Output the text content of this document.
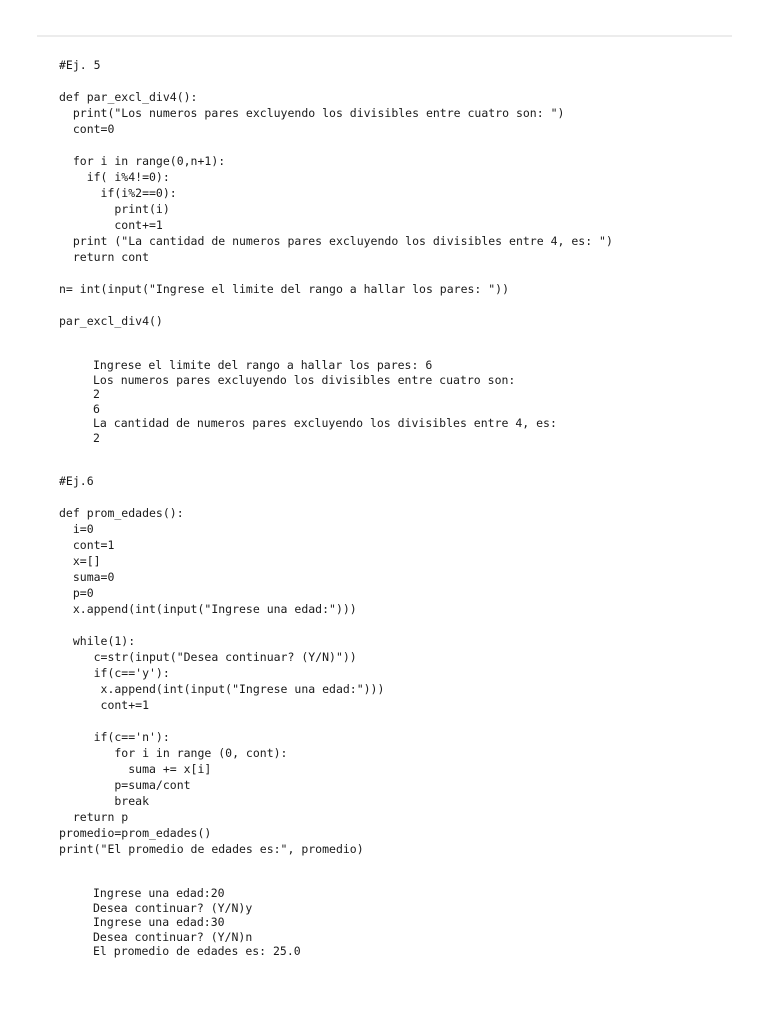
#Ej. 5

def par_excl_div4():
print("Los numeros pares excluyendo los divisibles entre cuatro son: ")
cont=0

for i in range(0,n+1):
if( i%4!=0):
if(i%2==0):
print(i)
cont+=1
print ("La cantidad de numeros pares excluyendo los divisibles entre 4, es: ")
return cont

n= int(input("Ingrese el limite del rango a hallar los pares: "))

par_excl_div4()
Ingrese el limite del rango a hallar los pares: 6
Los numeros pares excluyendo los divisibles entre cuatro son:
2
6
La cantidad de numeros pares excluyendo los divisibles entre 4, es:
2
#Ej.6

def prom_edades():
i=0
cont=1
x=[]
suma=0
p=0
x.append(int(input("Ingrese una edad:")))

while(1):
c=str(input("Desea continuar? (Y/N)"))
if(c=='y'):
x.append(int(input("Ingrese una edad:")))
cont+=1

if(c=='n'):
for i in range (0, cont):
suma += x[i]
p=suma/cont
break
return p
promedio=prom_edades()
print("El promedio de edades es:", promedio)
Ingrese una edad:20
Desea continuar? (Y/N)y
Ingrese una edad:30
Desea continuar? (Y/N)n
El promedio de edades es: 25.0
